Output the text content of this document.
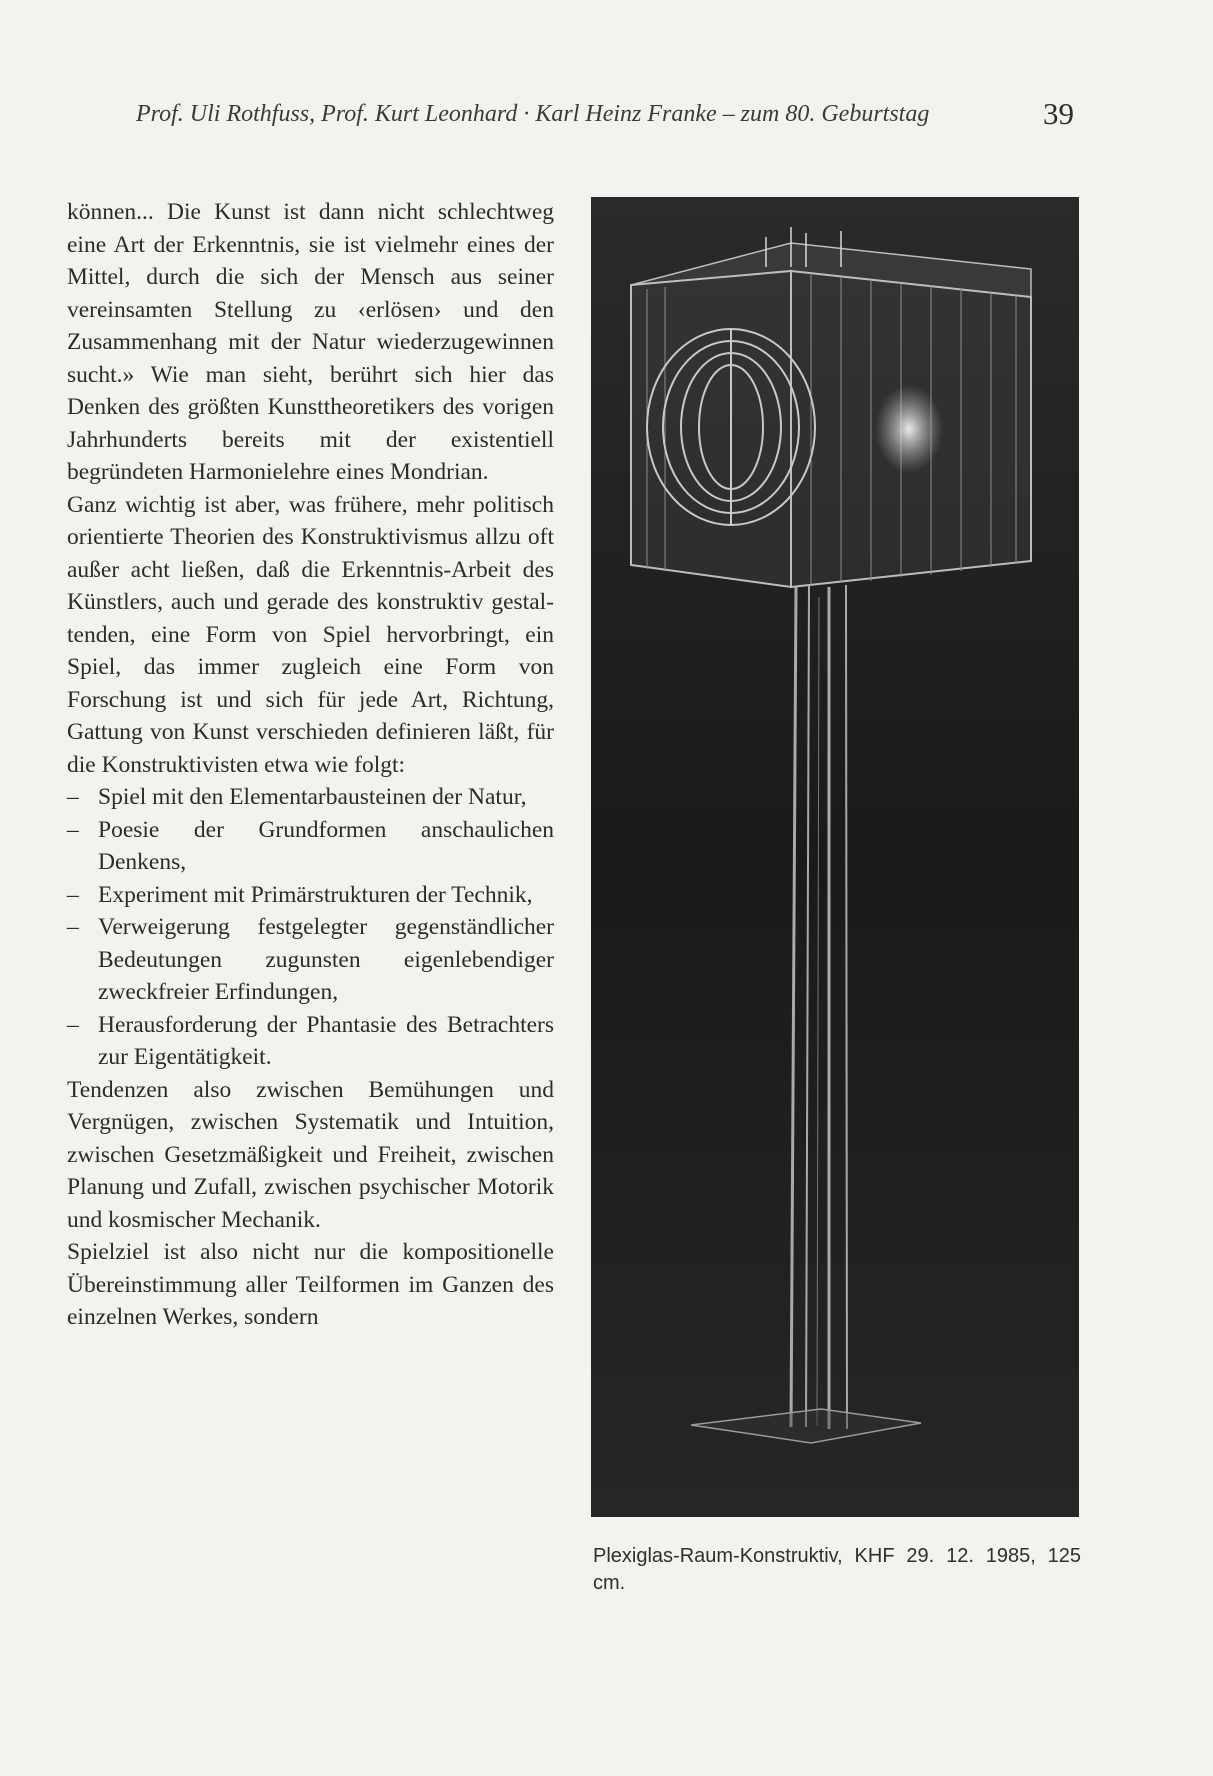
Prof. Uli Rothfuss, Prof. Kurt Leonhard · Karl Heinz Franke – zum 80. Geburtstag	39

können... Die Kunst ist dann nicht schlechtweg eine Art der Erkenntnis, sie ist vielmehr eines der Mittel, durch die sich der Mensch aus seiner vereinsamten Stellung zu ‹erlösen› und den Zusammenhang mit der Natur wiederzugewinnen sucht.» Wie man sieht, berührt sich hier das Denken des größten Kunsttheoretikers des vorigen Jahrhunderts bereits mit der existentiell begründeten Harmonielehre eines Mondrian.

Ganz wichtig ist aber, was frühere, mehr politisch orientierte Theorien des Konstruktivismus allzu oft außer acht ließen, daß die Erkenntnis-Arbeit des Künstlers, auch und gerade des konstruktiv gestaltenden, eine Form von Spiel hervorbringt, ein Spiel, das immer zugleich eine Form von Forschung ist und sich für jede Art, Richtung, Gattung von Kunst verschieden definieren läßt, für die Konstruktivisten etwa wie folgt:

– Spiel mit den Elementarbausteinen der Natur,
– Poesie der Grundformen anschaulichen Denkens,
– Experiment mit Primärstrukturen der Technik,
– Verweigerung festgelegter gegenständlicher Bedeutungen zugunsten eigenlebendiger zweckfreier Erfindungen,
– Herausforderung der Phantasie des Betrachters zur Eigentätigkeit.

Tendenzen also zwischen Bemühungen und Vergnügen, zwischen Systematik und Intuition, zwischen Gesetzmäßigkeit und Freiheit, zwischen Planung und Zufall, zwischen psychischer Motorik und kosmischer Mechanik.

Spielziel ist also nicht nur die kompositionelle Übereinstimmung aller Teilformen im Ganzen des einzelnen Werkes, sondern

Plexiglas-Raum-Konstruktiv, KHF 29. 12. 1985, 125 cm.
